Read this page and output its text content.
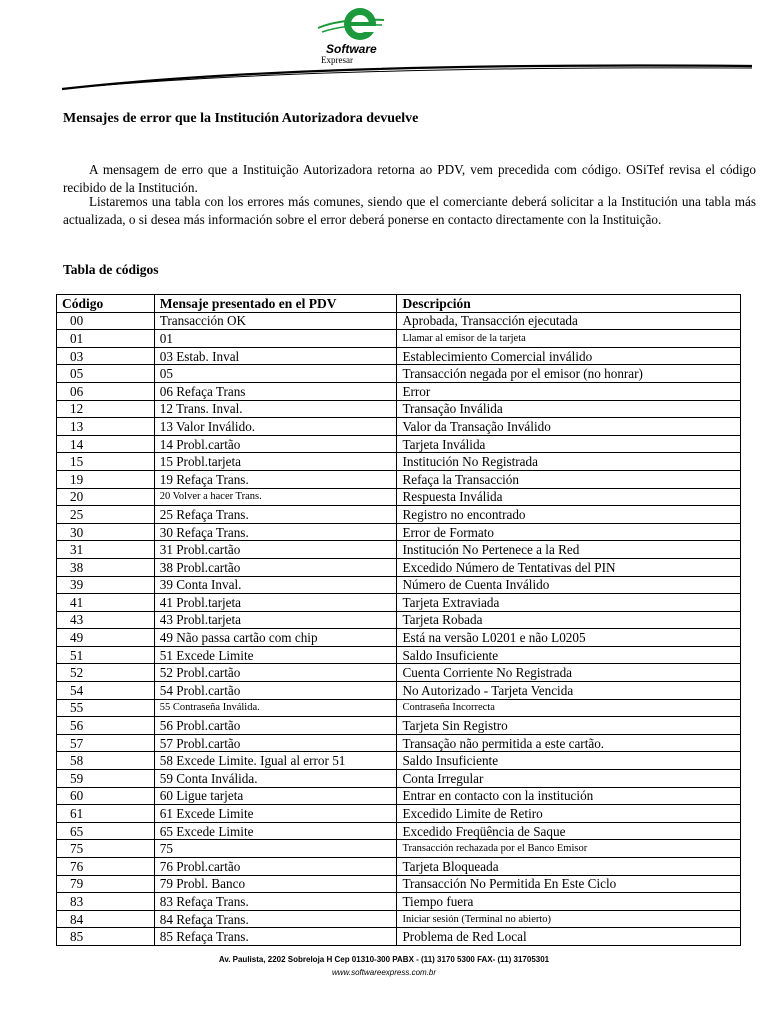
Software
Expresar
Mensajes de error que la Institución Autorizadora devuelve

A mensagem de erro que a Instituição Autorizadora retorna ao PDV, vem precedida com código. OSiTef revisa el código recibido de la Institución.

Listaremos una tabla con los errores más comunes, siendo que el comerciante deberá solicitar a la Institución una tabla más actualizada, o si desea más información sobre el error deberá ponerse en contacto directamente con la Instituição.

Tabla de códigos
Código	Mensaje presentado en el PDV	Descripción
00	Transacción OK	Aprobada, Transacción ejecutada
01	01	Llamar al emisor de la tarjeta
03	03 Estab. Inval	Establecimiento Comercial inválido
05	05	Transacción negada por el emisor (no honrar)
06	06 Refaça Trans	Error
12	12 Trans. Inval.	Transação Inválida
13	13 Valor Inválido.	Valor da Transação Inválido
14	14 Probl.cartão	Tarjeta Inválida
15	15 Probl.tarjeta	Institución No Registrada
19	19 Refaça Trans.	Refaça la Transacción
20	20 Volver a hacer Trans.	Respuesta Inválida
25	25 Refaça Trans.	Registro no encontrado
30	30 Refaça Trans.	Error de Formato
31	31 Probl.cartão	Institución No Pertenece a la Red
38	38 Probl.cartão	Excedido Número de Tentativas del PIN
39	39 Conta Inval.	Número de Cuenta Inválido
41	41 Probl.tarjeta	Tarjeta Extraviada
43	43 Probl.tarjeta	Tarjeta Robada
49	49 Não passa cartão com chip	Está na versão L0201 e não L0205
51	51 Excede Limite	Saldo Insuficiente
52	52 Probl.cartão	Cuenta Corriente No Registrada
54	54 Probl.cartão	No Autorizado - Tarjeta Vencida
55	55 Contraseña Inválida.	Contraseña Incorrecta
56	56 Probl.cartão	Tarjeta Sin Registro
57	57 Probl.cartão	Transação não permitida a este cartão.
58	58 Excede Limite. Igual al error 51	Saldo Insuficiente
59	59 Conta Inválida.	Conta Irregular
60	60 Ligue tarjeta	Entrar en contacto con la institución
61	61 Excede Limite	Excedido Limite de Retiro
65	65 Excede Limite	Excedido Freqüência de Saque
75	75	Transacción rechazada por el Banco Emisor
76	76 Probl.cartão	Tarjeta Bloqueada
79	79 Probl. Banco	Transacción No Permitida En Este Ciclo
83	83 Refaça Trans.	Tiempo fuera
84	84 Refaça Trans.	Iniciar sesión (Terminal no abierto)
85	85 Refaça Trans.	Problema de Red Local
Av. Paulista, 2202 Sobreloja H Cep 01310-300 PABX - (11) 3170 5300 FAX- (11) 31705301
www.softwareexpress.com.br
